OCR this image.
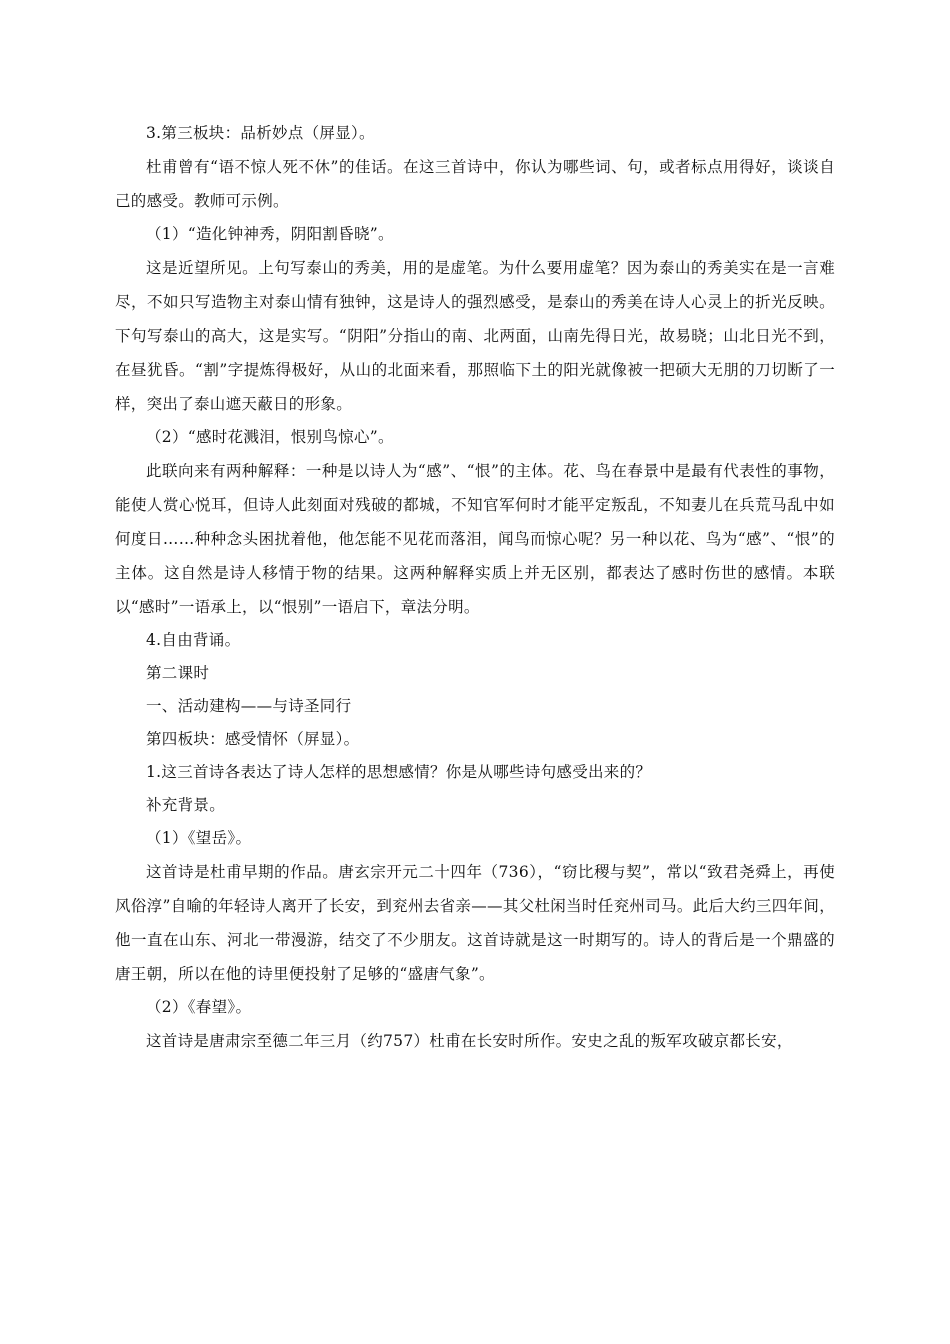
3.第三板块：品析妙点（屏显）。

杜甫曾有“语不惊人死不休”的佳话。在这三首诗中，你认为哪些词、句，或者标点用得好，谈谈自己的感受。教师可示例。

（1）“造化钟神秀，阴阳割昏晓”。

这是近望所见。上句写泰山的秀美，用的是虚笔。为什么要用虚笔？因为泰山的秀美实在是一言难尽，不如只写造物主对泰山情有独钟，这是诗人的强烈感受，是泰山的秀美在诗人心灵上的折光反映。下句写泰山的高大，这是实写。“阴阳”分指山的南、北两面，山南先得日光，故易晓；山北日光不到，在昼犹昏。“割”字提炼得极好，从山的北面来看，那照临下土的阳光就像被一把硕大无朋的刀切断了一样，突出了泰山遮天蔽日的形象。

（2）“感时花溅泪，恨别鸟惊心”。

此联向来有两种解释：一种是以诗人为“感”、“恨”的主体。花、鸟在春景中是最有代表性的事物，能使人赏心悦耳，但诗人此刻面对残破的都城，不知官军何时才能平定叛乱，不知妻儿在兵荒马乱中如何度日……种种念头困扰着他，他怎能不见花而落泪，闻鸟而惊心呢？另一种以花、鸟为“感”、“恨”的主体。这自然是诗人移情于物的结果。这两种解释实质上并无区别，都表达了感时伤世的感情。本联以“感时”一语承上，以“恨别”一语启下，章法分明。

4.自由背诵。

第二课时

一、活动建构——与诗圣同行

第四板块：感受情怀（屏显）。

1.这三首诗各表达了诗人怎样的思想感情？你是从哪些诗句感受出来的？

补充背景。

（1）《望岳》。

这首诗是杜甫早期的作品。唐玄宗开元二十四年（736），“窃比稷与契”，常以“致君尧舜上，再使风俗淳”自喻的年轻诗人离开了长安，到兖州去省亲——其父杜闲当时任兖州司马。此后大约三四年间，他一直在山东、河北一带漫游，结交了不少朋友。这首诗就是这一时期写的。诗人的背后是一个鼎盛的唐王朝，所以在他的诗里便投射了足够的“盛唐气象”。

（2）《春望》。

这首诗是唐肃宗至德二年三月（约757）杜甫在长安时所作。安史之乱的叛军攻破京都长安，
